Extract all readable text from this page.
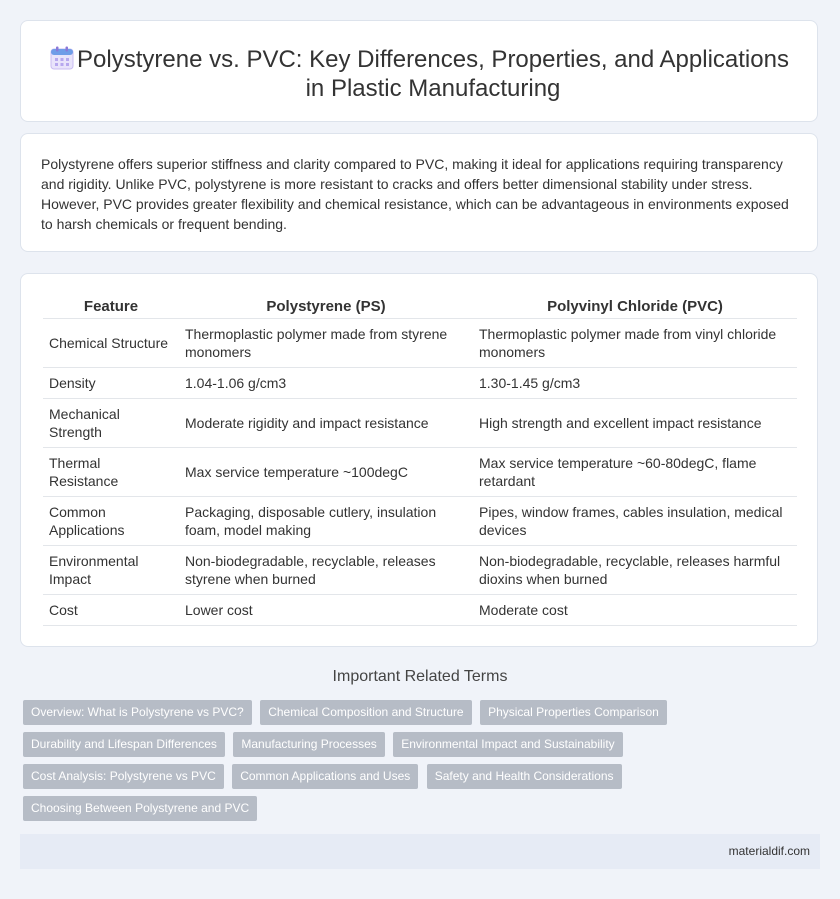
Polystyrene vs. PVC: Key Differences, Properties, and Applications in Plastic Manufacturing

Polystyrene offers superior stiffness and clarity compared to PVC, making it ideal for applications requiring transparency and rigidity. Unlike PVC, polystyrene is more resistant to cracks and offers better dimensional stability under stress. However, PVC provides greater flexibility and chemical resistance, which can be advantageous in environments exposed to harsh chemicals or frequent bending.

Feature	Polystyrene (PS)	Polyvinyl Chloride (PVC)
Chemical Structure	Thermoplastic polymer made from styrene monomers	Thermoplastic polymer made from vinyl chloride monomers
Density	1.04-1.06 g/cm3	1.30-1.45 g/cm3
Mechanical Strength	Moderate rigidity and impact resistance	High strength and excellent impact resistance
Thermal Resistance	Max service temperature ~100degC	Max service temperature ~60-80degC, flame retardant
Common Applications	Packaging, disposable cutlery, insulation foam, model making	Pipes, window frames, cables insulation, medical devices
Environmental Impact	Non-biodegradable, recyclable, releases styrene when burned	Non-biodegradable, recyclable, releases harmful dioxins when burned
Cost	Lower cost	Moderate cost
Important Related Terms
Overview: What is Polystyrene vs PVC? Chemical Composition and Structure Physical Properties Comparison
Durability and Lifespan Differences Manufacturing Processes Environmental Impact and Sustainability
Cost Analysis: Polystyrene vs PVC Common Applications and Uses Safety and Health Considerations
Choosing Between Polystyrene and PVC
materialdif.com
